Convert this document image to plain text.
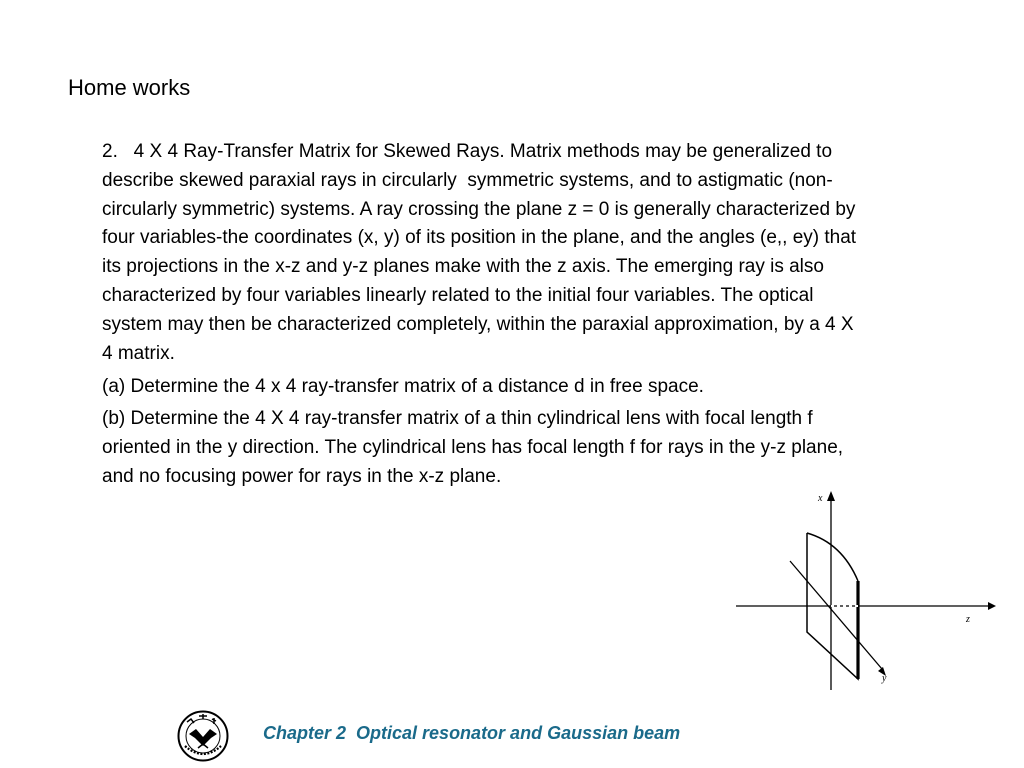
Home works
2.   4 X 4 Ray-Transfer Matrix for Skewed Rays. Matrix methods may be generalized to
describe skewed paraxial rays in circularly  symmetric systems, and to astigmatic (non-
circularly symmetric) systems. A ray crossing the plane z = 0 is generally characterized by
four variables-the coordinates (x, y) of its position in the plane, and the angles (e,, ey) that
its projections in the x-z and y-z planes make with the z axis. The emerging ray is also
characterized by four variables linearly related to the initial four variables. The optical
system may then be characterized completely, within the paraxial approximation, by a 4 X
4 matrix.
(a) Determine the 4 x 4 ray-transfer matrix of a distance d in free space.
(b) Determine the 4 X 4 ray-transfer matrix of a thin cylindrical lens with focal length f
oriented in the y direction. The cylindrical lens has focal length f for rays in the y-z plane,
and no focusing power for rays in the x-z plane.
x
z
y
Chapter 2  Optical resonator and Gaussian beam
